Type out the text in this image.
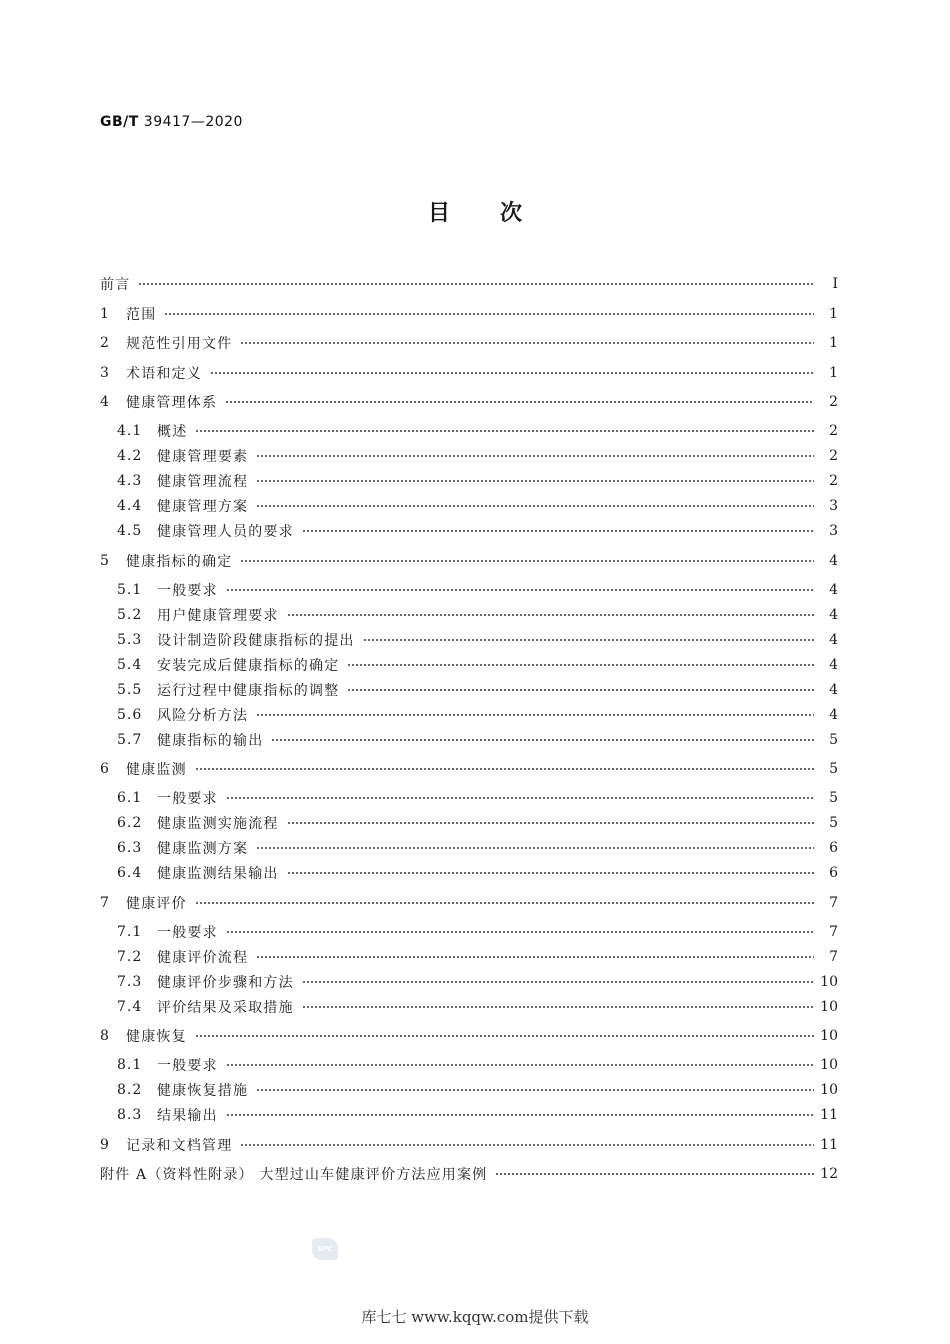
GB/T 39417—2020
目次
前言	Ⅰ
1	范围	1
2	规范性引用文件	1
3	术语和定义	1
4	健康管理体系	2
4.1	概述	2
4.2	健康管理要素	2
4.3	健康管理流程	2
4.4	健康管理方案	3
4.5	健康管理人员的要求	3
5	健康指标的确定	4
5.1	一般要求	4
5.2	用户健康管理要求	4
5.3	设计制造阶段健康指标的提出	4
5.4	安装完成后健康指标的确定	4
5.5	运行过程中健康指标的调整	4
5.6	风险分析方法	4
5.7	健康指标的输出	5
6	健康监测	5
6.1	一般要求	5
6.2	健康监测实施流程	5
6.3	健康监测方案	6
6.4	健康监测结果输出	6
7	健康评价	7
7.1	一般要求	7
7.2	健康评价流程	7
7.3	健康评价步骤和方法	10
7.4	评价结果及采取措施	10
8	健康恢复	10
8.1	一般要求	10
8.2	健康恢复措施	10
8.3	结果输出	11
9	记录和文档管理	11
附件 A（资料性附录） 大型过山车健康评价方法应用案例	12
SPC
库七七 www.kqqw.com提供下载
